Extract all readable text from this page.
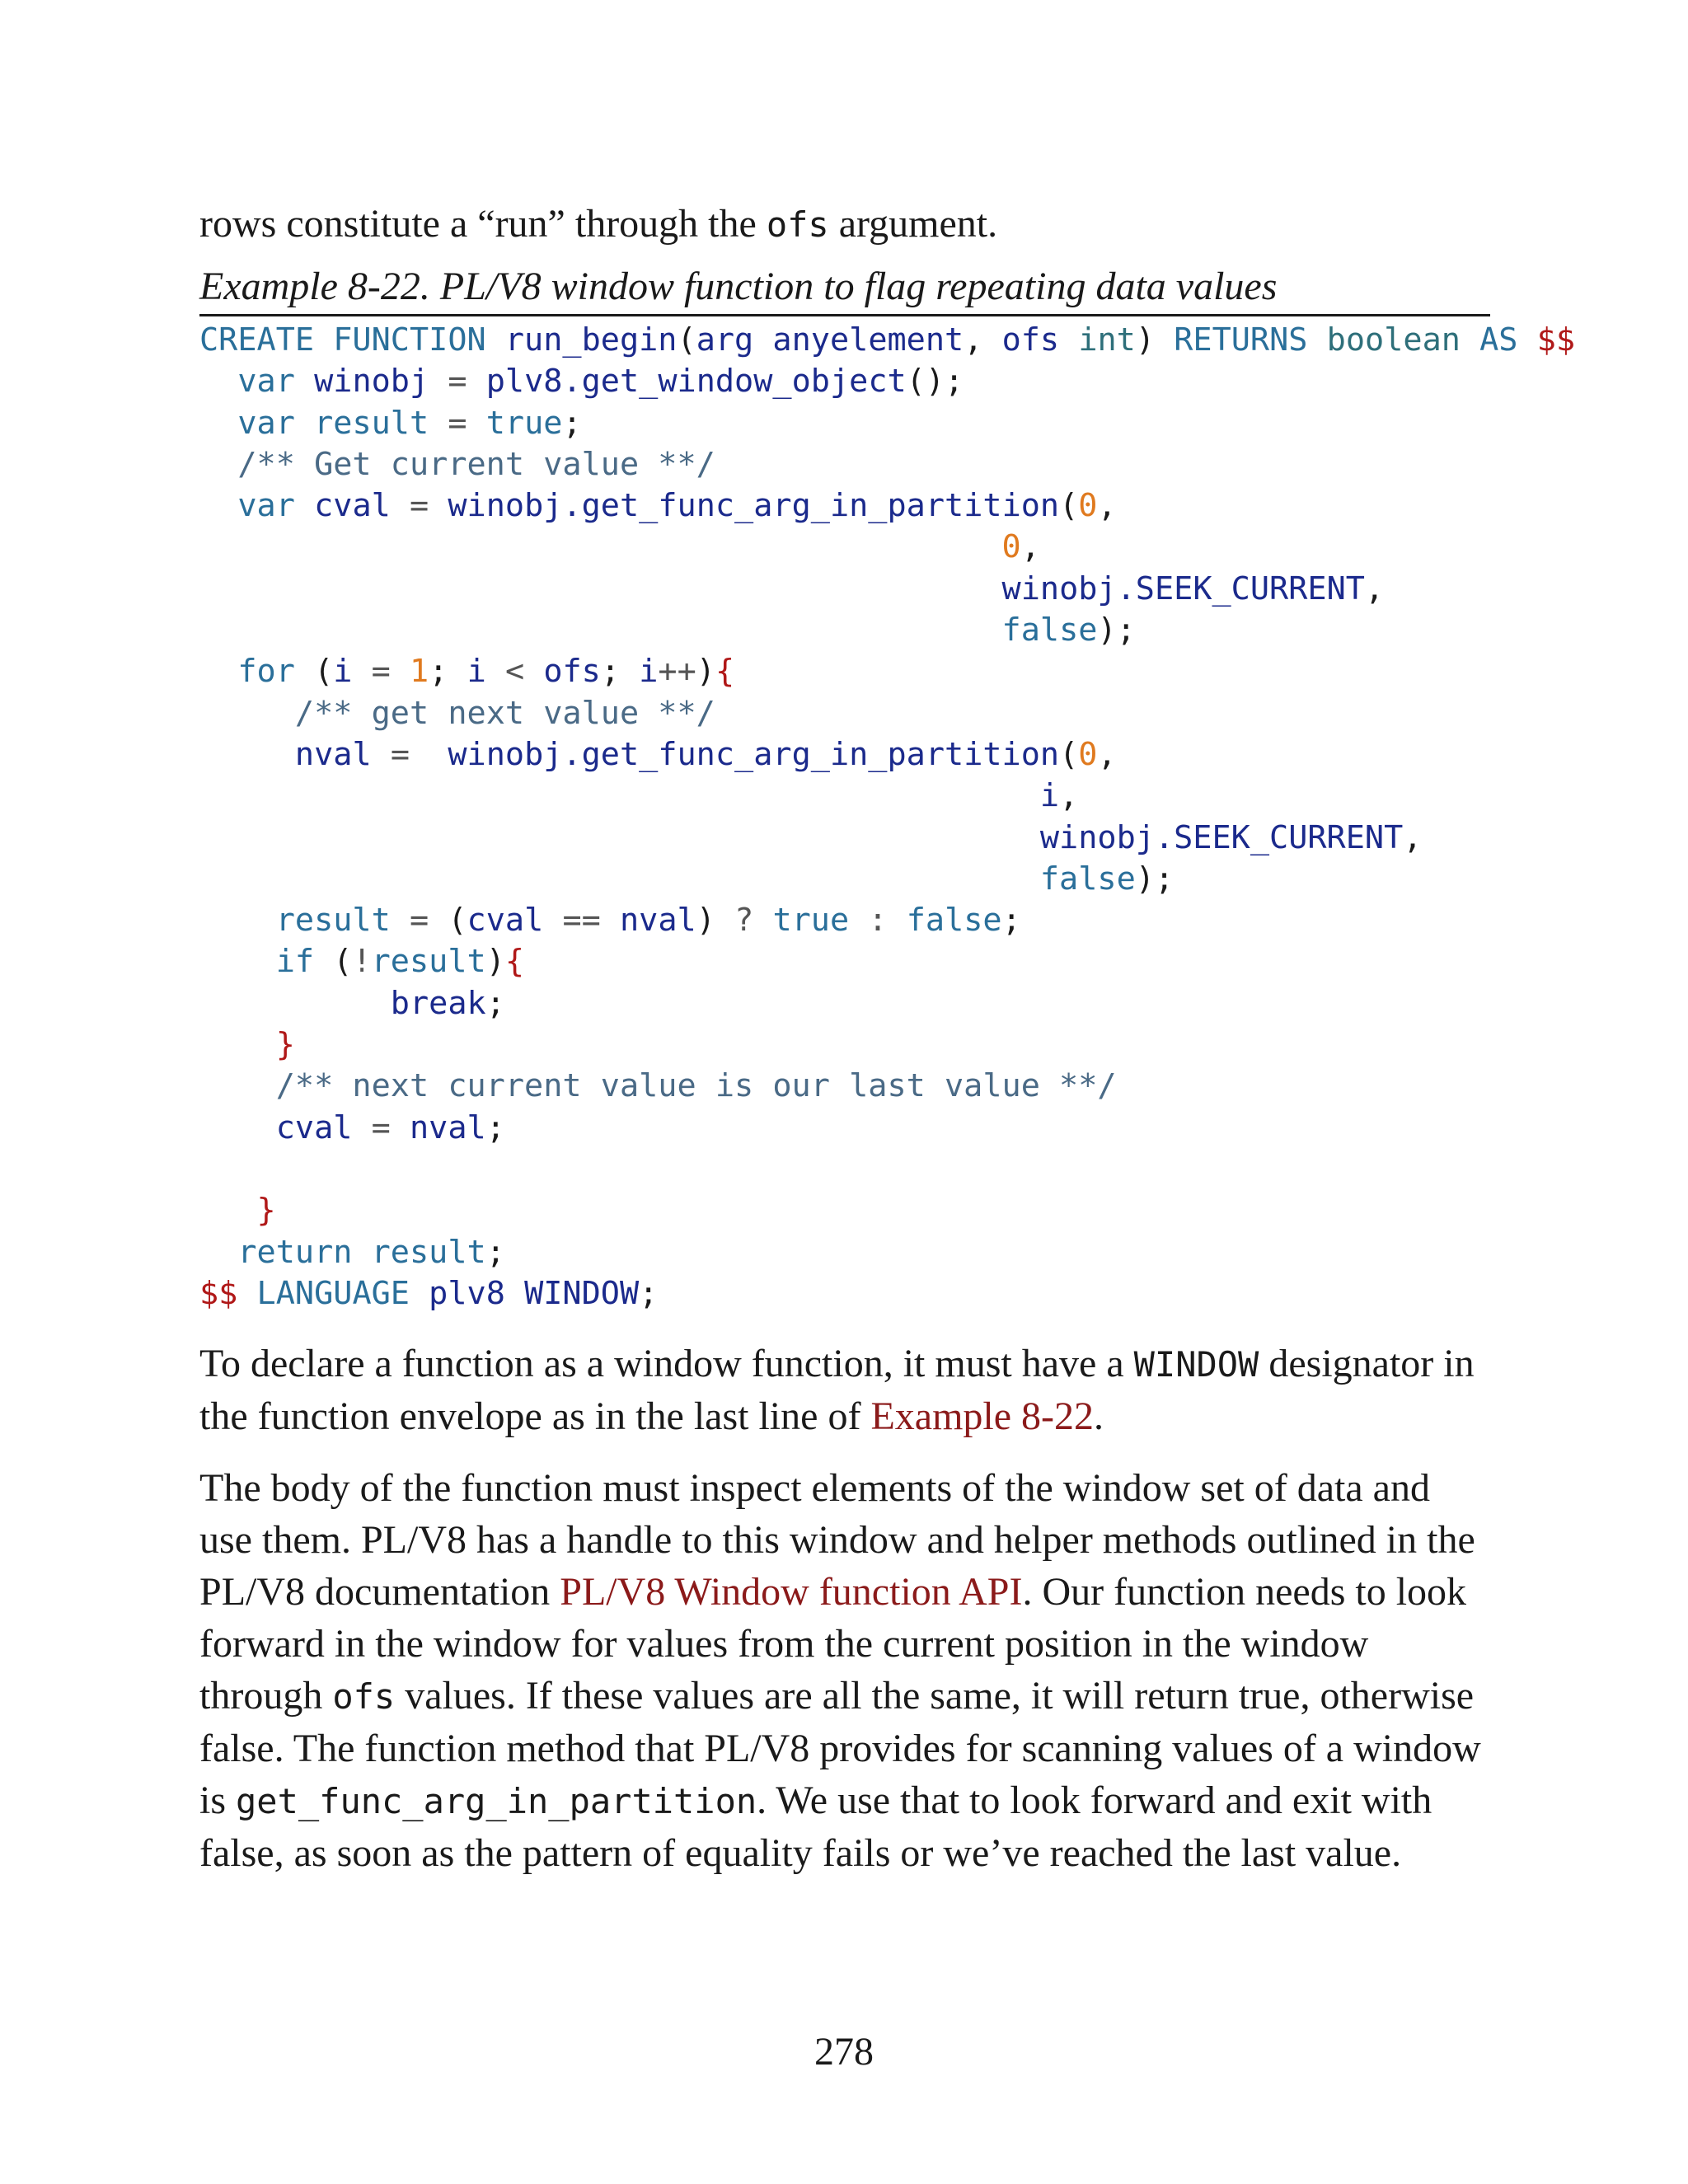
rows constitute a “run” through the ofs argument.

Example 8-22. PL/V8 window function to flag repeating data values
CREATE FUNCTION run_begin(arg anyelement, ofs int) RETURNS boolean AS $$
var winobj = plv8.get_window_object();
var result = true;
/** Get current value **/
var cval = winobj.get_func_arg_in_partition(0,
0,
winobj.SEEK_CURRENT,
false);
for (i = 1; i < ofs; i++){
/** get next value **/
nval = winobj.get_func_arg_in_partition(0,
i,
winobj.SEEK_CURRENT,
false);
result = (cval == nval) ? true : false;
if (!result){
break;
}
/** next current value is our last value **/
cval = nval;

}
return result;
$$ LANGUAGE plv8 WINDOW;

To declare a function as a window function, it must have a WINDOW designator in the function envelope as in the last line of Example 8-22.

The body of the function must inspect elements of the window set of data and use them. PL/V8 has a handle to this window and helper methods outlined in the PL/V8 documentation PL/V8 Window function API. Our function needs to look forward in the window for values from the current position in the window through ofs values. If these values are all the same, it will return true, otherwise false. The function method that PL/V8 provides for scanning values of a window is get_func_arg_in_partition. We use that to look forward and exit with false, as soon as the pattern of equality fails or we’ve reached the last value.

278
